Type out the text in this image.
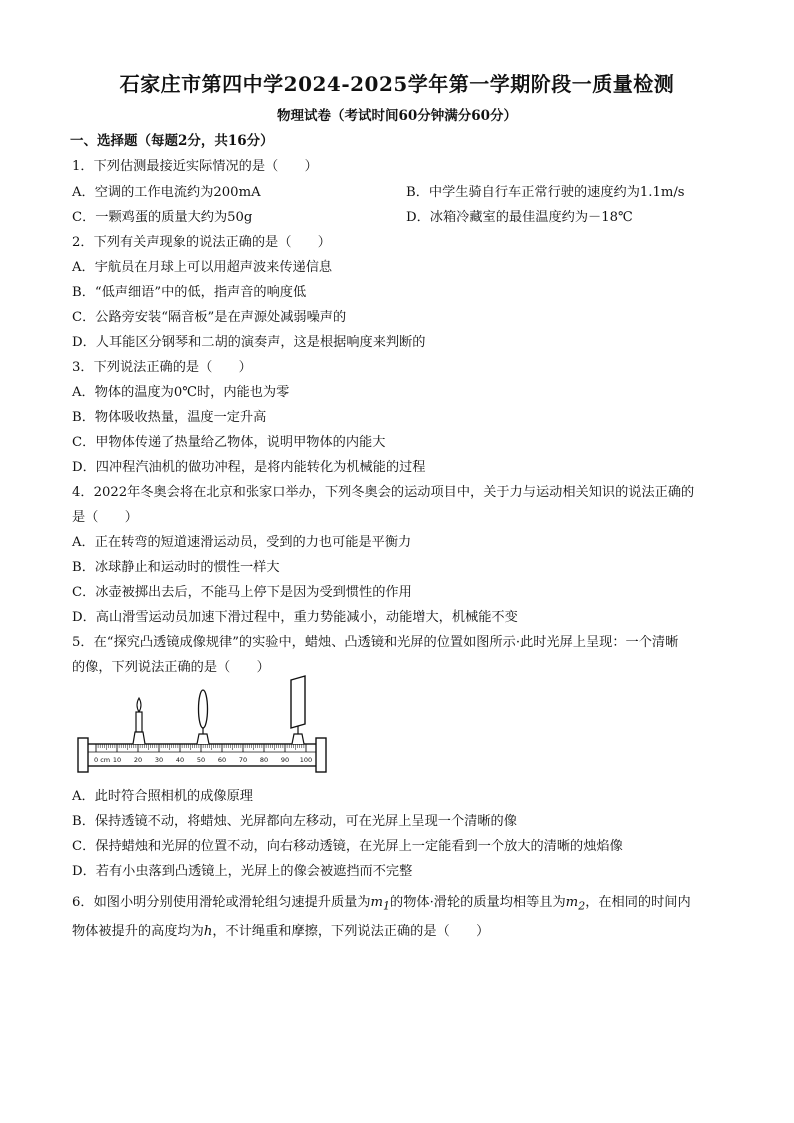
石家庄市第四中学2024-2025学年第一学期阶段一质量检测
物理试卷（考试时间60分钟满分60分）
一、选择题（每题2分，共16分）
1．下列估测最接近实际情况的是（　　）
A．空调的工作电流约为200mA	B．中学生骑自行车正常行驶的速度约为1.1m/s
C．一颗鸡蛋的质量大约为50g	D．冰箱冷藏室的最佳温度约为－18℃
2．下列有关声现象的说法正确的是（　　）
A．宇航员在月球上可以用超声波来传递信息
B．“低声细语”中的低，指声音的响度低
C．公路旁安装“隔音板”是在声源处减弱噪声的
D．人耳能区分钢琴和二胡的演奏声，这是根据响度来判断的
3．下列说法正确的是（　　）
A．物体的温度为0℃时，内能也为零
B．物体吸收热量，温度一定升高
C．甲物体传递了热量给乙物体，说明甲物体的内能大
D．四冲程汽油机的做功冲程，是将内能转化为机械能的过程
4．2022年冬奥会将在北京和张家口举办，下列冬奥会的运动项目中，关于力与运动相关知识的说法正确的
是（　　）
A．正在转弯的短道速滑运动员，受到的力也可能是平衡力
B．冰球静止和运动时的惯性一样大
C．冰壶被掷出去后，不能马上停下是因为受到惯性的作用
D．高山滑雪运动员加速下滑过程中，重力势能减小，动能增大，机械能不变
5．在“探究凸透镜成像规律”的实验中，蜡烛、凸透镜和光屏的位置如图所示·此时光屏上呈现：一个清晰
的像，下列说法正确的是（　　）
0 cm 10 20 30 40 50 60 70 80 90 100
A．此时符合照相机的成像原理
B．保持透镜不动，将蜡烛、光屏都向左移动，可在光屏上呈现一个清晰的像
C．保持蜡烛和光屏的位置不动，向右移动透镜，在光屏上一定能看到一个放大的清晰的烛焰像
D．若有小虫落到凸透镜上，光屏上的像会被遮挡而不完整
6．如图小明分别使用滑轮或滑轮组匀速提升质量为$m_1$的物体·滑轮的质量均相等且为$m_2$，在相同的时间内
物体被提升的高度均为h，不计绳重和摩擦，下列说法正确的是（　　）
